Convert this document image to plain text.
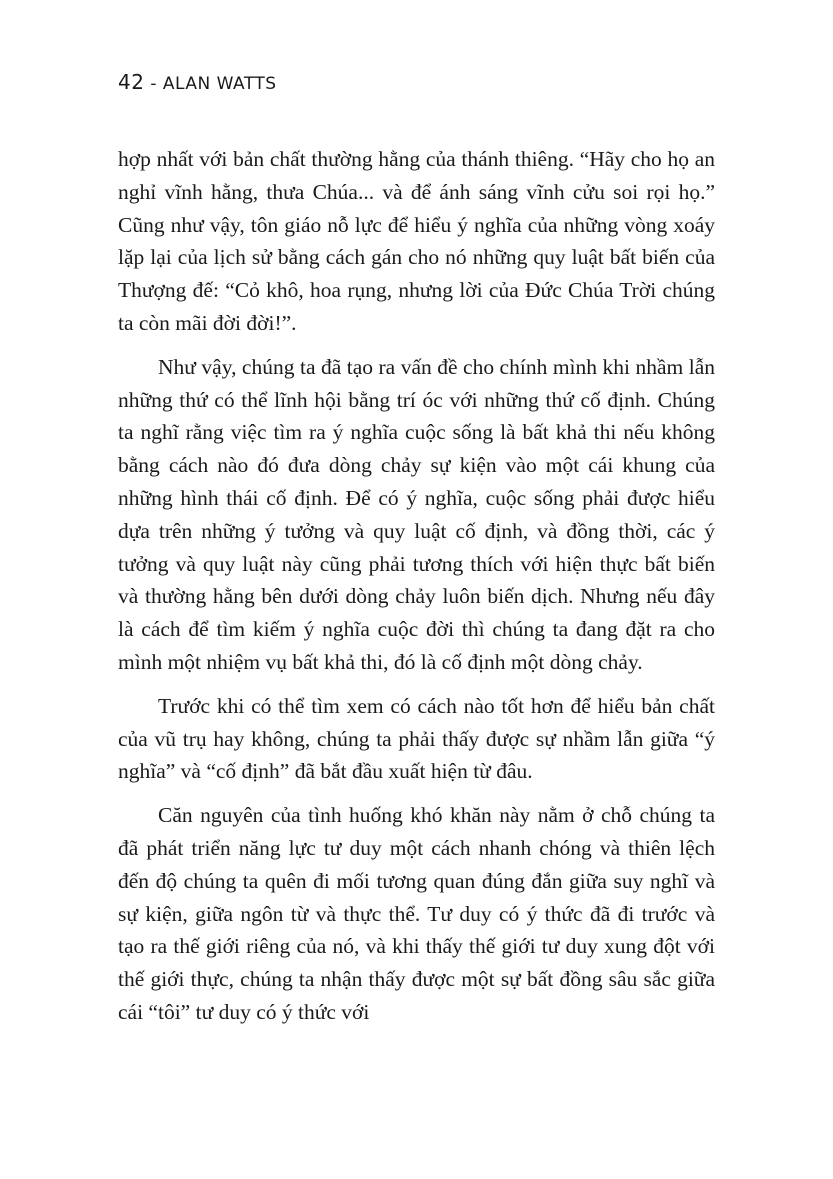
42 - ALAN WATTS

hợp nhất với bản chất thường hằng của thánh thiêng. “Hãy cho họ an nghỉ vĩnh hằng, thưa Chúa... và để ánh sáng vĩnh cửu soi rọi họ.” Cũng như vậy, tôn giáo nỗ lực để hiểu ý nghĩa của những vòng xoáy lặp lại của lịch sử bằng cách gán cho nó những quy luật bất biến của Thượng đế: “Cỏ khô, hoa rụng, nhưng lời của Đức Chúa Trời chúng ta còn mãi đời đời!”.

Như vậy, chúng ta đã tạo ra vấn đề cho chính mình khi nhầm lẫn những thứ có thể lĩnh hội bằng trí óc với những thứ cố định. Chúng ta nghĩ rằng việc tìm ra ý nghĩa cuộc sống là bất khả thi nếu không bằng cách nào đó đưa dòng chảy sự kiện vào một cái khung của những hình thái cố định. Để có ý nghĩa, cuộc sống phải được hiểu dựa trên những ý tưởng và quy luật cố định, và đồng thời, các ý tưởng và quy luật này cũng phải tương thích với hiện thực bất biến và thường hằng bên dưới dòng chảy luôn biến dịch. Nhưng nếu đây là cách để tìm kiếm ý nghĩa cuộc đời thì chúng ta đang đặt ra cho mình một nhiệm vụ bất khả thi, đó là cố định một dòng chảy.

Trước khi có thể tìm xem có cách nào tốt hơn để hiểu bản chất của vũ trụ hay không, chúng ta phải thấy được sự nhầm lẫn giữa “ý nghĩa” và “cố định” đã bắt đầu xuất hiện từ đâu.

Căn nguyên của tình huống khó khăn này nằm ở chỗ chúng ta đã phát triển năng lực tư duy một cách nhanh chóng và thiên lệch đến độ chúng ta quên đi mối tương quan đúng đắn giữa suy nghĩ và sự kiện, giữa ngôn từ và thực thể. Tư duy có ý thức đã đi trước và tạo ra thế giới riêng của nó, và khi thấy thế giới tư duy xung đột với thế giới thực, chúng ta nhận thấy được một sự bất đồng sâu sắc giữa cái “tôi” tư duy có ý thức với
